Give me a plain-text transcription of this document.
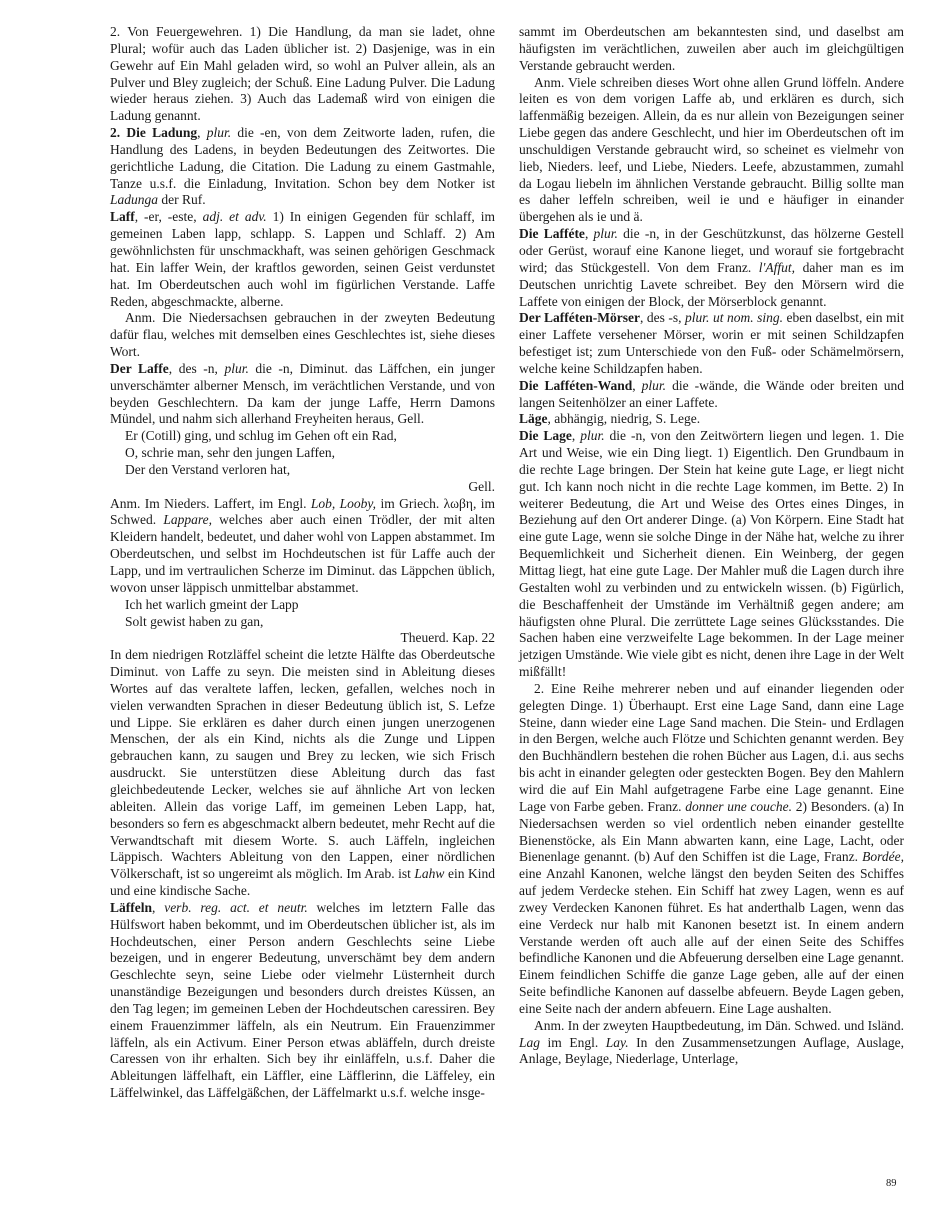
2. Von Feuergewehren. 1) Die Handlung, da man sie ladet, ohne Plural; wofür auch das Laden üblicher ist. 2) Dasjenige, was in ein Gewehr auf Ein Mahl geladen wird, so wohl an Pulver allein, als an Pulver und Bley zugleich; der Schuß. Eine Ladung Pulver. Die Ladung wieder heraus ziehen. 3) Auch das Lademaß wird von einigen die Ladung genannt.

2. Die Ladung, plur. die -en, von dem Zeitworte laden, rufen, die Handlung des Ladens, in beyden Bedeutungen des Zeitwortes. Die gerichtliche Ladung, die Citation. Die Ladung zu einem Gastmahle, Tanze u.s.f. die Einladung, Invitation. Schon bey dem Notker ist Ladunga der Ruf.

Laff, -er, -este, adj. et adv. 1) In einigen Gegenden für schlaff, im gemeinen Laben lapp, schlapp. S. Lappen und Schlaff. 2) Am gewöhnlichsten für unschmackhaft, was seinen gehörigen Geschmack hat. Ein laffer Wein, der kraftlos geworden, seinen Geist verdunstet hat. Im Oberdeutschen auch wohl im figürlichen Verstande. Laffe Reden, abgeschmackte, alberne.

Anm. Die Niedersachsen gebrauchen in der zweyten Bedeutung dafür flau, welches mit demselben eines Geschlechtes ist, siehe dieses Wort.

Der Laffe, des -n, plur. die -n, Diminut. das Läffchen, ein junger unverschämter alberner Mensch, im verächtlichen Verstande, und von beyden Geschlechtern. Da kam der junge Laffe, Herrn Damons Mündel, und nahm sich allerhand Freyheiten heraus, Gell.

Er (Cotill) ging, und schlug im Gehen oft ein Rad,

O, schrie man, sehr den jungen Laffen,

Der den Verstand verloren hat,

Gell.

Anm. Im Nieders. Laffert, im Engl. Lob, Looby, im Griech. λωβη, im Schwed. Lappare, welches aber auch einen Trödler, der mit alten Kleidern handelt, bedeutet, und daher wohl von Lappen abstammet. Im Oberdeutschen, und selbst im Hochdeutschen ist für Laffe auch der Lapp, und im vertraulichen Scherze im Diminut. das Läppchen üblich, wovon unser läppisch unmittelbar abstammet.

Ich het warlich gmeint der Lapp

Solt gewist haben zu gan,

Theuerd. Kap. 22

In dem niedrigen Rotzläffel scheint die letzte Hälfte das Oberdeutsche Diminut. von Laffe zu seyn. Die meisten sind in Ableitung dieses Wortes auf das veraltete laffen, lecken, gefallen, welches noch in vielen verwandten Sprachen in dieser Bedeutung üblich ist, S. Lefze und Lippe. Sie erklären es daher durch einen jungen unerzogenen Menschen, der als ein Kind, nichts als die Zunge und Lippen gebrauchen kann, zu saugen und Brey zu lecken, wie sich Frisch ausdruckt. Sie unterstützen diese Ableitung durch das fast gleichbedeutende Lecker, welches sie auf ähnliche Art von lecken ableiten. Allein das vorige Laff, im gemeinen Leben Lapp, hat, besonders so fern es abgeschmackt albern bedeutet, mehr Recht auf die Verwandtschaft mit diesem Worte. S. auch Läffeln, ingleichen Läppisch. Wachters Ableitung von den Lappen, einer nördlichen Völkerschaft, ist so ungereimt als möglich. Im Arab. ist Lahw ein Kind und eine kindische Sache.

Läffeln, verb. reg. act. et neutr. welches im letztern Falle das Hülfswort haben bekommt, und im Oberdeutschen üblicher ist, als im Hochdeutschen, einer Person andern Geschlechts seine Liebe bezeigen, und in engerer Bedeutung, unverschämt bey dem andern Geschlechte seyn, seine Liebe oder vielmehr Lüsternheit durch unanständige Bezeigungen und besonders durch dreistes Küssen, an den Tag legen; im gemeinen Leben der Hochdeutschen caressiren. Bey einem Frauenzimmer läffeln, als ein Neutrum. Ein Frauenzimmer läffeln, als ein Activum. Einer Person etwas abläffeln, durch dreiste Caressen von ihr erhalten. Sich bey ihr einläffeln, u.s.f. Daher die Ableitungen läffelhaft, ein Läffler, eine Läfflerinn, die Läffeley, ein Läffelwinkel, das Läffelgäßchen, der Läffelmarkt u.s.f. welche insge-

sammt im Oberdeutschen am bekanntesten sind, und daselbst am häufigsten im verächtlichen, zuweilen aber auch im gleichgültigen Verstande gebraucht werden.

Anm. Viele schreiben dieses Wort ohne allen Grund löffeln. Andere leiten es von dem vorigen Laffe ab, und erklären es durch, sich laffenmäßig bezeigen. Allein, da es nur allein von Bezeigungen seiner Liebe gegen das andere Geschlecht, und hier im Oberdeutschen oft im unschuldigen Verstande gebraucht wird, so scheinet es vielmehr von lieb, Nieders. leef, und Liebe, Nieders. Leefe, abzustammen, zumahl da Logau liebeln im ähnlichen Verstande gebraucht. Billig sollte man es daher leffeln schreiben, weil ie und e häufiger in einander übergehen als ie und ä.

Die Lafféte, plur. die -n, in der Geschützkunst, das hölzerne Gestell oder Gerüst, worauf eine Kanone lieget, und worauf sie fortgebracht wird; das Stückgestell. Von dem Franz. l'Affut, daher man es im Deutschen unrichtig Lavete schreibet. Bey den Mörsern wird die Laffete von einigen der Block, der Mörserblock genannt.

Der Lafféten-Mörser, des -s, plur. ut nom. sing. eben daselbst, ein mit einer Laffete versehener Mörser, worin er mit seinen Schildzapfen befestiget ist; zum Unterschiede von den Fuß- oder Schämelmörsern, welche keine Schildzapfen haben.

Die Lafféten-Wand, plur. die -wände, die Wände oder breiten und langen Seitenhölzer an einer Laffete.

Läge, abhängig, niedrig, S. Lege.

Die Lage, plur. die -n, von den Zeitwörtern liegen und legen. 1. Die Art und Weise, wie ein Ding liegt. 1) Eigentlich. Den Grundbaum in die rechte Lage bringen. Der Stein hat keine gute Lage, er liegt nicht gut. Ich kann noch nicht in die rechte Lage kommen, im Bette. 2) In weiterer Bedeutung, die Art und Weise des Ortes eines Dinges, in Beziehung auf den Ort anderer Dinge. (a) Von Körpern. Eine Stadt hat eine gute Lage, wenn sie solche Dinge in der Nähe hat, welche zu ihrer Bequemlichkeit und Sicherheit dienen. Ein Weinberg, der gegen Mittag liegt, hat eine gute Lage. Der Mahler muß die Lagen durch ihre Gestalten wohl zu verbinden und zu entwickeln wissen. (b) Figürlich, die Beschaffenheit der Umstände im Verhältniß gegen andere; am häufigsten ohne Plural. Die zerrüttete Lage seines Glücksstandes. Die Sachen haben eine verzweifelte Lage bekommen. In der Lage meiner jetzigen Umstände. Wie viele gibt es nicht, denen ihre Lage in der Welt mißfällt!

2. Eine Reihe mehrerer neben und auf einander liegenden oder gelegten Dinge. 1) Überhaupt. Erst eine Lage Sand, dann eine Lage Steine, dann wieder eine Lage Sand machen. Die Stein- und Erdlagen in den Bergen, welche auch Flötze und Schichten genannt werden. Bey den Buchhändlern bestehen die rohen Bücher aus Lagen, d.i. aus sechs bis acht in einander gelegten oder gesteckten Bogen. Bey den Mahlern wird die auf Ein Mahl aufgetragene Farbe eine Lage genannt. Eine Lage von Farbe geben. Franz. donner une couche. 2) Besonders. (a) In Niedersachsen werden so viel ordentlich neben einander gestellte Bienenstöcke, als Ein Mann abwarten kann, eine Lage, Lacht, oder Bienenlage genannt. (b) Auf den Schiffen ist die Lage, Franz. Bordée, eine Anzahl Kanonen, welche längst den beyden Seiten des Schiffes auf jedem Verdecke stehen. Ein Schiff hat zwey Lagen, wenn es auf zwey Verdecken Kanonen führet. Es hat anderthalb Lagen, wenn das eine Verdeck nur halb mit Kanonen besetzt ist. In einem andern Verstande werden oft auch alle auf der einen Seite des Schiffes befindliche Kanonen und die Abfeuerung derselben eine Lage genannt. Einem feindlichen Schiffe die ganze Lage geben, alle auf der einen Seite befindliche Kanonen auf dasselbe abfeuern. Beyde Lagen geben, eine Seite nach der andern abfeuern. Eine Lage aushalten.

Anm. In der zweyten Hauptbedeutung, im Dän. Schwed. und Isländ. Lag im Engl. Lay. In den Zusammensetzungen Auflage, Auslage, Anlage, Beylage, Niederlage, Unterlage,

89
